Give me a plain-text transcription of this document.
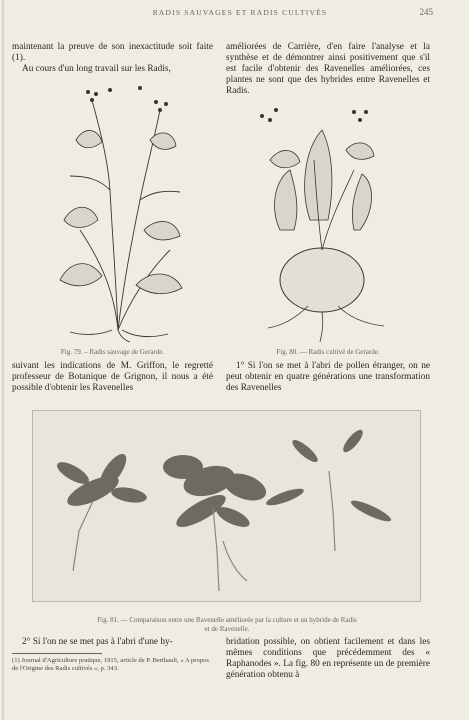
RADIS SAUVAGES ET RADIS CULTIVÉS	245

maintenant la preuve de son inexactitude soit faite (1).

Au cours d'un long travail sur les Radis,

améliorées de Carrière, d'en faire l'analyse et la synthèse et de démontrer ainsi positivement que s'il est facile d'obtenir des Ravenelles améliorées, ces plantes ne sont que des hybrides entre Ravenelles et Radis.

Fig. 79. – Radis sauvage de Gerarde.	Fig. 80. — Radis cultivé de Gerarde.

suivant les indications de M. Griffon, le regretté professeur de Botanique de Grignon, il nous a été possible d'obtenir les Ravenelles

1° Si l'on se met à l'abri de pollen étranger, on ne peut obtenir en quatre générations une transformation des Ravenelles

Fig. 81. — Comparaison entre une Ravenelle améliorée par la culture et un hybride de Radis
et de Ravenelle.

2° Si l'on ne se met pas à l'abri d'une hy-

(1) Journal d'Agriculture pratique, 1915, article de P. Berthault, « A propos de l'Origine des Radis cultivés », p. 343.

bridation possible, on obtient facilement et dans les mêmes conditions que précédemment des « Raphanodes ». La fig. 80 en représente un de première génération obtenu à
